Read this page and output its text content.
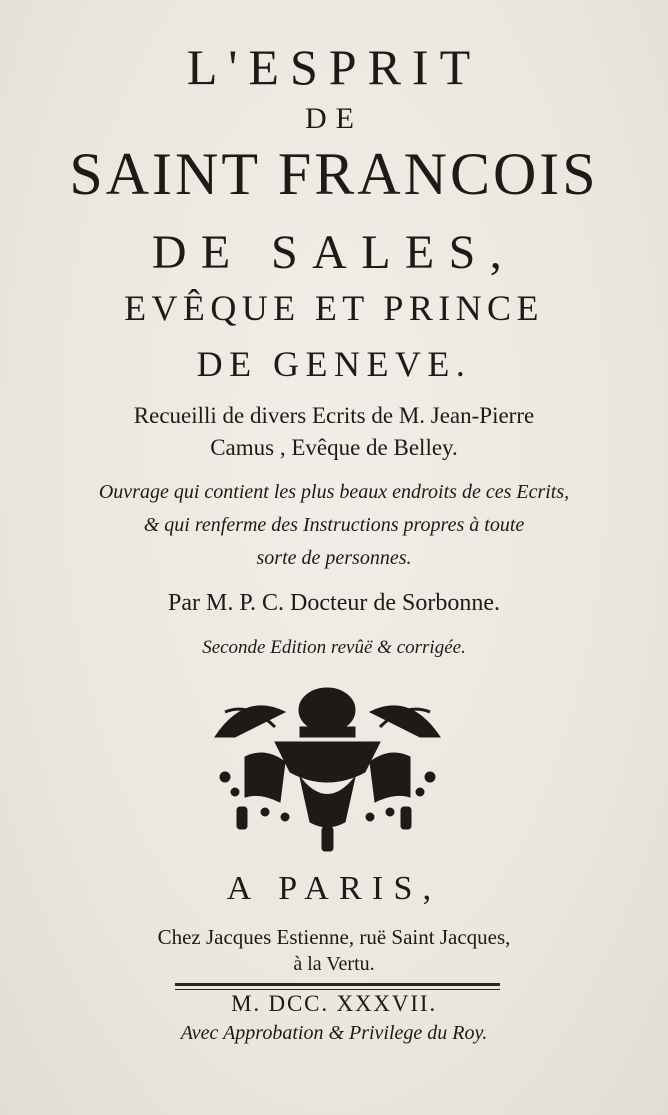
L'ESPRIT
DE
SAINT FRANCOIS
DE SALES,
EVÊQUE ET PRINCE
DE GENEVE.
Recueilli de divers Ecrits de M. Jean-Pierre
Camus , Evêque de Belley.
Ouvrage qui contient les plus beaux endroits de ces Ecrits,
& qui renferme des Instructions propres à toute
sorte de personnes.
Par M. P. C. Docteur de Sorbonne.
Seconde Edition revûë & corrigée.
A PARIS,
Chez Jacques Estienne, ruë Saint Jacques,
à la Vertu.
M. DCC. XXXVII.
Avec Approbation & Privilege du Roy.
